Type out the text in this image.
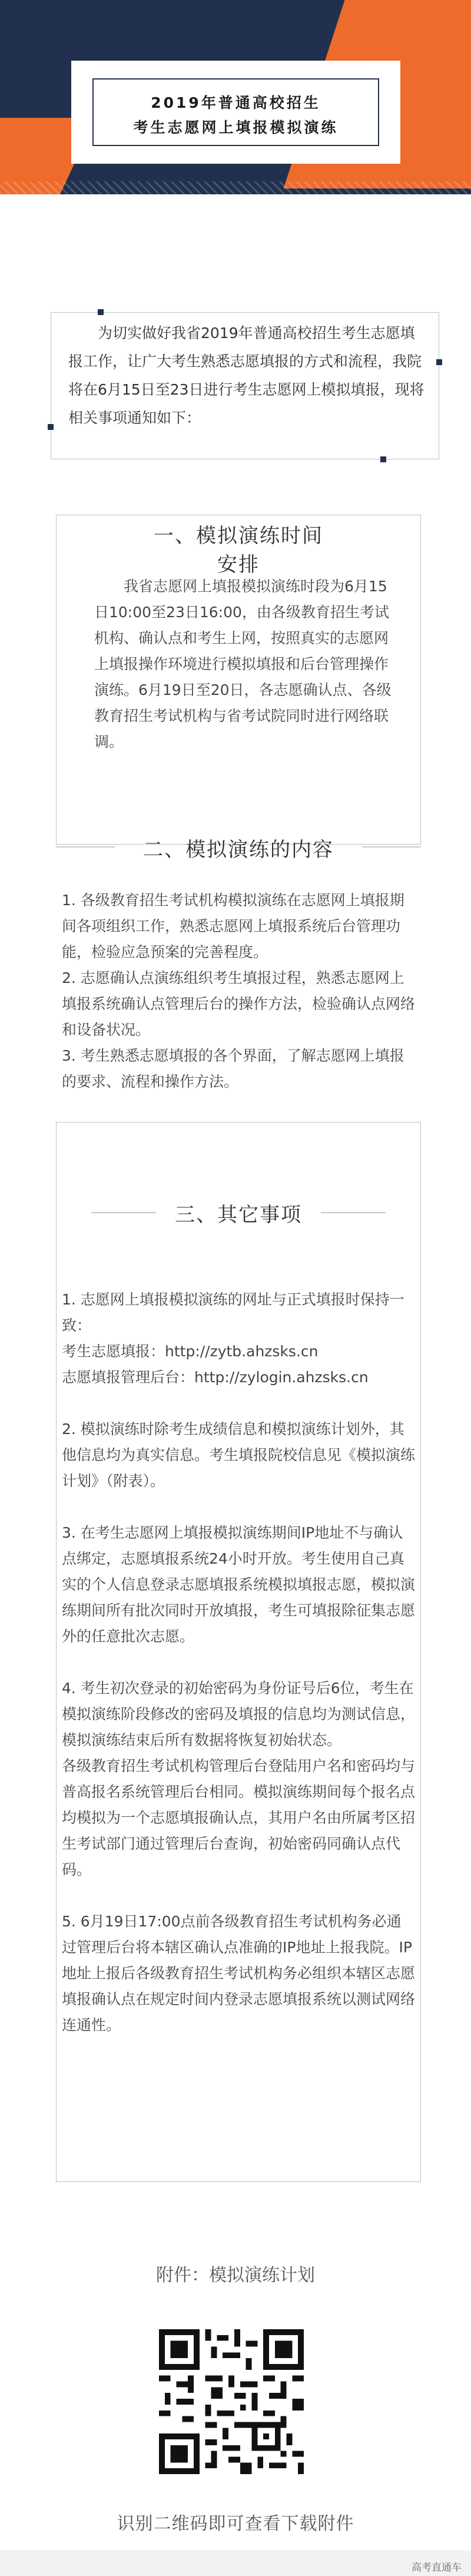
2019年普通高校招生
考生志愿网上填报模拟演练
为切实做好我省2019年普通高校招生考生志愿填报工作，让广大考生熟悉志愿填报的方式和流程，我院将在6月15日至23日进行考生志愿网上模拟填报，现将相关事项通知如下：
一、模拟演练时间安排
我省志愿网上填报模拟演练时段为6月15日10:00至23日16:00，由各级教育招生考试机构、确认点和考生上网，按照真实的志愿网上填报操作环境进行模拟填报和后台管理操作演练。6月19日至20日，各志愿确认点、各级教育招生考试机构与省考试院同时进行网络联调。
二、模拟演练的内容

1. 各级教育招生考试机构模拟演练在志愿网上填报期间各项组织工作，熟悉志愿网上填报系统后台管理功能，检验应急预案的完善程度。

2. 志愿确认点演练组织考生填报过程，熟悉志愿网上填报系统确认点管理后台的操作方法，检验确认点网络和设备状况。

3. 考生熟悉志愿填报的各个界面，了解志愿网上填报的要求、流程和操作方法。

三、其它事项

1. 志愿网上填报模拟演练的网址与正式填报时保持一致：

考生志愿填报：http://zytb.ahzsks.cn

志愿填报管理后台：http://zylogin.ahzsks.cn

2. 模拟演练时除考生成绩信息和模拟演练计划外，其他信息均为真实信息。考生填报院校信息见《模拟演练计划》（附表）。

3. 在考生志愿网上填报模拟演练期间IP地址不与确认点绑定，志愿填报系统24小时开放。考生使用自己真实的个人信息登录志愿填报系统模拟填报志愿，模拟演练期间所有批次同时开放填报，考生可填报除征集志愿外的任意批次志愿。

4. 考生初次登录的初始密码为身份证号后6位，考生在模拟演练阶段修改的密码及填报的信息均为测试信息，模拟演练结束后所有数据将恢复初始状态。

各级教育招生考试机构管理后台登陆用户名和密码均与普高报名系统管理后台相同。模拟演练期间每个报名点均模拟为一个志愿填报确认点，其用户名由所属考区招生考试部门通过管理后台查询，初始密码同确认点代码。

5. 6月19日17:00点前各级教育招生考试机构务必通过管理后台将本辖区确认点准确的IP地址上报我院。IP地址上报后各级教育招生考试机构务必组织本辖区志愿填报确认点在规定时间内登录志愿填报系统以测试网络连通性。

附件：模拟演练计划
识别二维码即可查看下载附件
高考直通车
